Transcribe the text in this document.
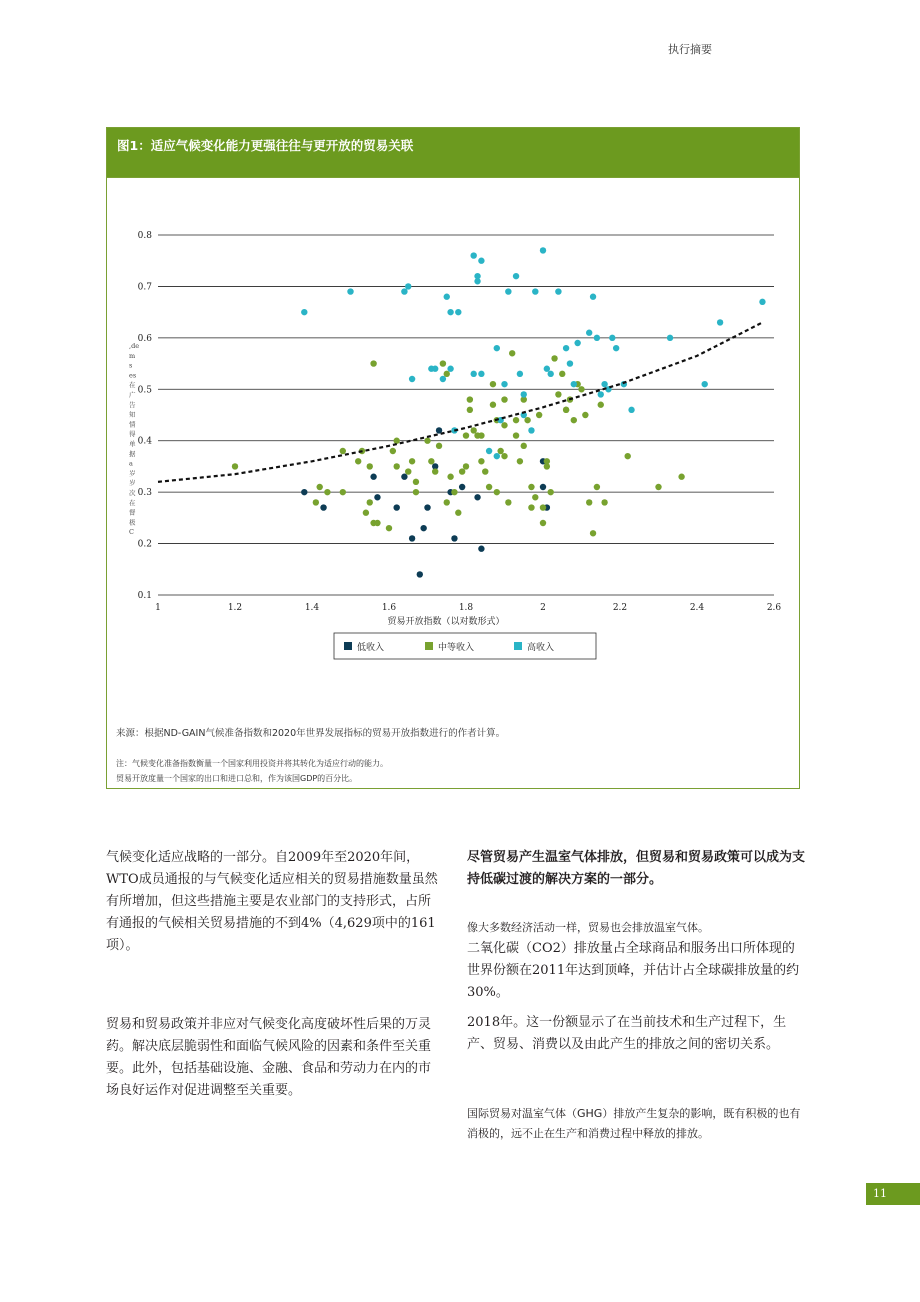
执行摘要
图1：适应气候变化能力更强往往与更开放的贸易关联
0.1
0.2
0.3
0.4
0.5
0.6
0.7
0.8
1	1.2	1.4	1.6	1.8	2	2.2	2.4	2.6
贸易开放指数（以对数形式）
,de
m
s
es
在
广
告
知
情
得
单
据
a
岁
岁
次
在
督
极
C
低收入	中等收入	高收入
来源：根据ND-GAIN气候准备指数和2020年世界发展指标的贸易开放指数进行的作者计算。
注：气候变化准备指数衡量一个国家利用投资并将其转化为适应行动的能力。
贸易开放度量一个国家的出口和进口总和，作为该国GDP的百分比。

气候变化适应战略的一部分。自2009年至2020年间，WTO成员通报的与气候变化适应相关的贸易措施数量虽然有所增加，但这些措施主要是农业部门的支持形式，占所有通报的气候相关贸易措施的不到4%（4,629项中的161项）。

贸易和贸易政策并非应对气候变化高度破坏性后果的万灵药。解决底层脆弱性和面临气候风险的因素和条件至关重要。此外，包括基础设施、金融、食品和劳动力在内的市场良好运作对促进调整至关重要。

尽管贸易产生温室气体排放，但贸易和贸易政策可以成为支持低碳过渡的解决方案的一部分。
像大多数经济活动一样，贸易也会排放温室气体。
二氧化碳（CO2）排放量占全球商品和服务出口所体现的世界份额在2011年达到顶峰，并估计占全球碳排放量的约30%。
2018年。这一份额显示了在当前技术和生产过程下，生产、贸易、消费以及由此产生的排放之间的密切关系。
国际贸易对温室气体（GHG）排放产生复杂的影响，既有积极的也有消极的，远不止在生产和消费过程中释放的排放。
11
